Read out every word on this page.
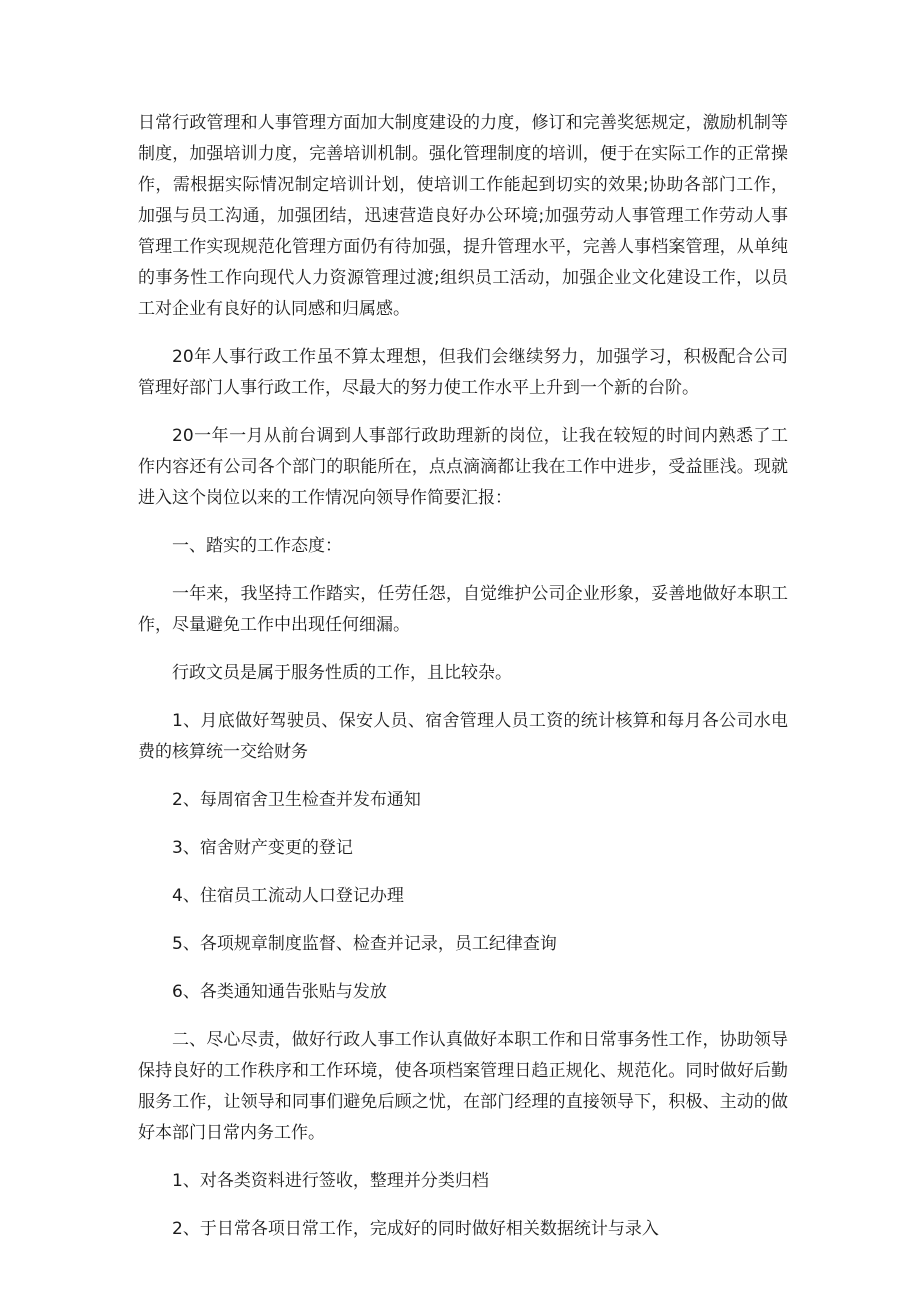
日常行政管理和人事管理方面加大制度建设的力度，修订和完善奖惩规定，激励机制等制度，加强培训力度，完善培训机制。强化管理制度的培训，便于在实际工作的正常操作，需根据实际情况制定培训计划，使培训工作能起到切实的效果;协助各部门工作，加强与员工沟通，加强团结，迅速营造良好办公环境;加强劳动人事管理工作劳动人事管理工作实现规范化管理方面仍有待加强，提升管理水平，完善人事档案管理，从单纯的事务性工作向现代人力资源管理过渡;组织员工活动，加强企业文化建设工作，以员工对企业有良好的认同感和归属感。

20年人事行政工作虽不算太理想，但我们会继续努力，加强学习，积极配合公司管理好部门人事行政工作，尽最大的努力使工作水平上升到一个新的台阶。

20一年一月从前台调到人事部行政助理新的岗位，让我在较短的时间内熟悉了工作内容还有公司各个部门的职能所在，点点滴滴都让我在工作中进步，受益匪浅。现就进入这个岗位以来的工作情况向领导作简要汇报：

一、踏实的工作态度：

一年来，我坚持工作踏实，任劳任怨，自觉维护公司企业形象，妥善地做好本职工作，尽量避免工作中出现任何细漏。

行政文员是属于服务性质的工作，且比较杂。

1、月底做好驾驶员、保安人员、宿舍管理人员工资的统计核算和每月各公司水电费的核算统一交给财务

2、每周宿舍卫生检查并发布通知

3、宿舍财产变更的登记

4、住宿员工流动人口登记办理

5、各项规章制度监督、检查并记录，员工纪律查询

6、各类通知通告张贴与发放

二、尽心尽责，做好行政人事工作认真做好本职工作和日常事务性工作，协助领导保持良好的工作秩序和工作环境，使各项档案管理日趋正规化、规范化。同时做好后勤服务工作，让领导和同事们避免后顾之忧，在部门经理的直接领导下，积极、主动的做好本部门日常内务工作。

1、对各类资料进行签收，整理并分类归档

2、于日常各项日常工作，完成好的同时做好相关数据统计与录入
